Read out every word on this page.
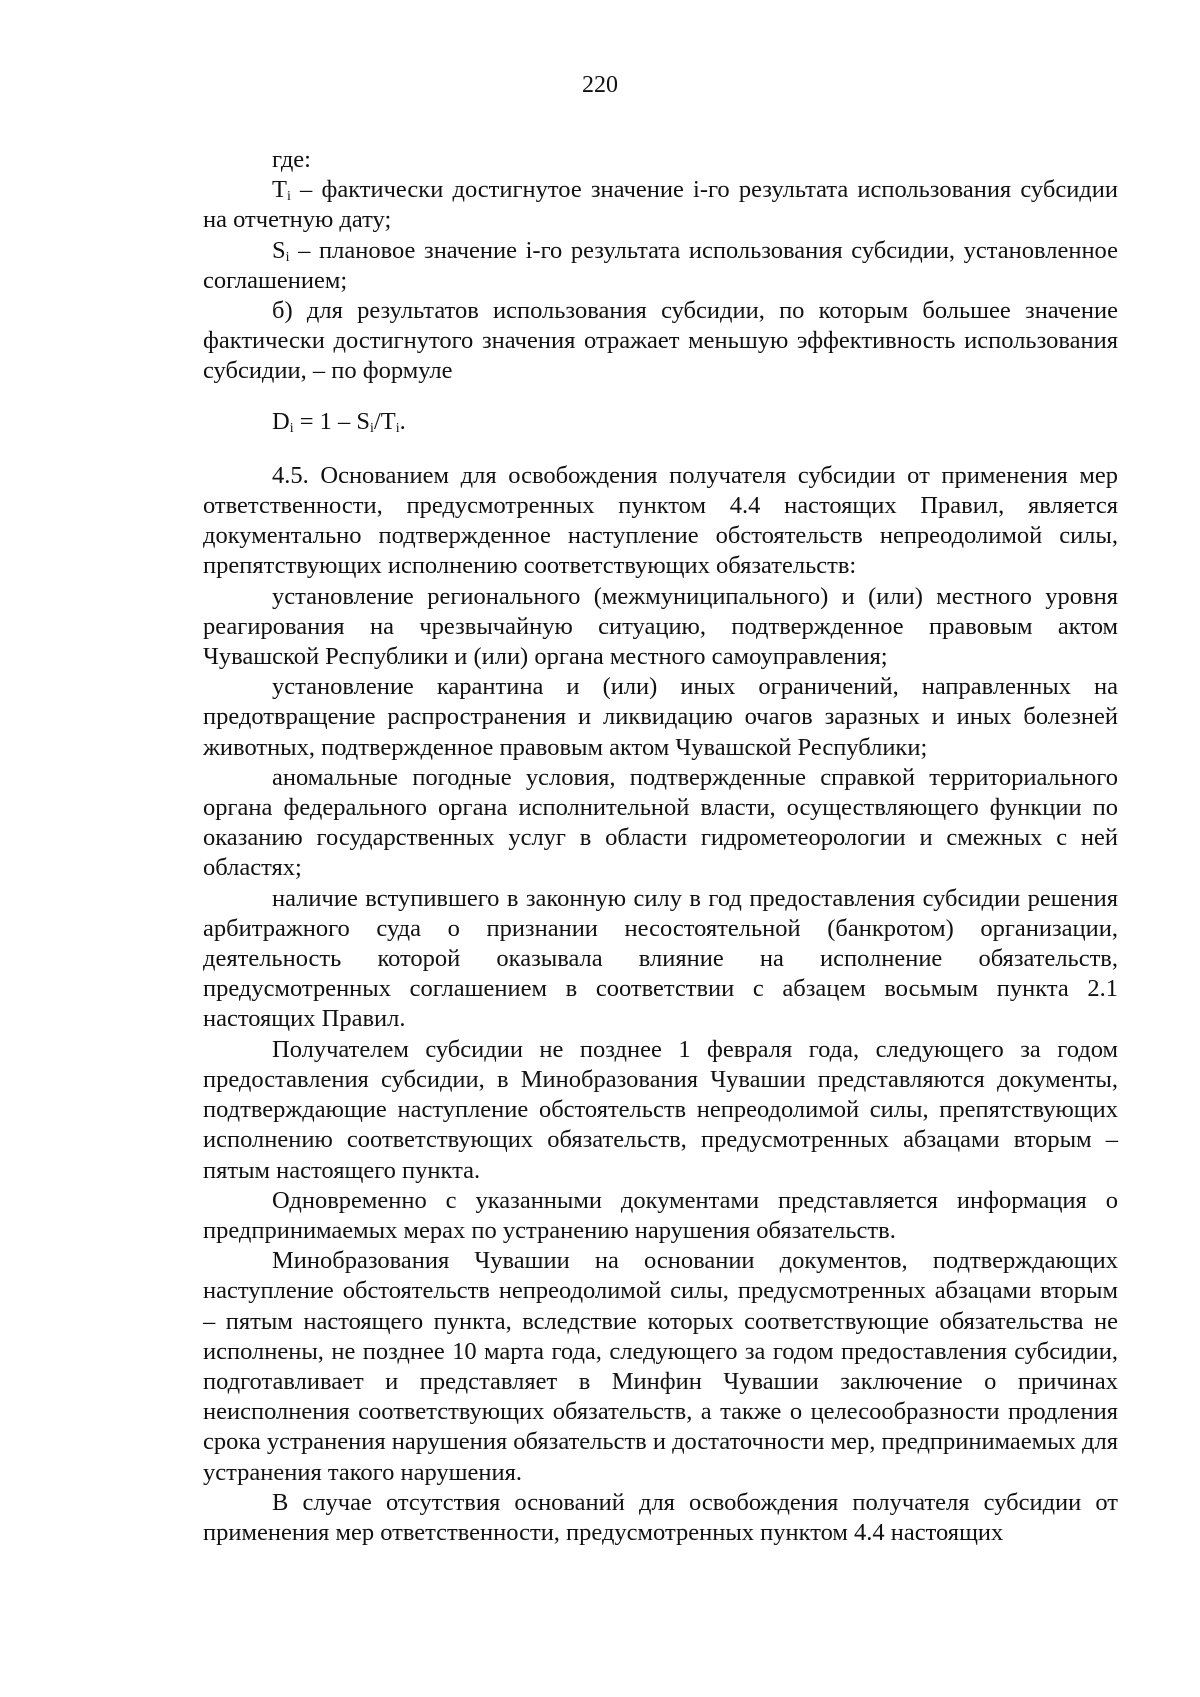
220

где:

$T_i$ – фактически достигнутое значение i-го результата использования субсидии на отчетную дату;

$S_i$ – плановое значение i-го результата использования субсидии, установленное соглашением;

б) для результатов использования субсидии, по которым большее значение фактически достигнутого значения отражает меньшую эффективность использования субсидии, – по формуле

$D_i = 1 - S_i/T_i$.

4.5. Основанием для освобождения получателя субсидии от применения мер ответственности, предусмотренных пунктом 4.4 настоящих Правил, является документально подтвержденное наступление обстоятельств непреодолимой силы, препятствующих исполнению соответствующих обязательств:

установление регионального (межмуниципального) и (или) местного уровня реагирования на чрезвычайную ситуацию, подтвержденное правовым актом Чувашской Республики и (или) органа местного самоуправления;

установление карантина и (или) иных ограничений, направленных на предотвращение распространения и ликвидацию очагов заразных и иных болезней животных, подтвержденное правовым актом Чувашской Республики;

аномальные погодные условия, подтвержденные справкой территориального органа федерального органа исполнительной власти, осуществляющего функции по оказанию государственных услуг в области гидрометеорологии и смежных с ней областях;

наличие вступившего в законную силу в год предоставления субсидии решения арбитражного суда о признании несостоятельной (банкротом) организации, деятельность которой оказывала влияние на исполнение обязательств, предусмотренных соглашением в соответствии с абзацем восьмым пункта 2.1 настоящих Правил.

Получателем субсидии не позднее 1 февраля года, следующего за годом предоставления субсидии, в Минобразования Чувашии представляются документы, подтверждающие наступление обстоятельств непреодолимой силы, препятствующих исполнению соответствующих обязательств, предусмотренных абзацами вторым – пятым настоящего пункта.

Одновременно с указанными документами представляется информация о предпринимаемых мерах по устранению нарушения обязательств.

Минобразования Чувашии на основании документов, подтверждающих наступление обстоятельств непреодолимой силы, предусмотренных абзацами вторым – пятым настоящего пункта, вследствие которых соответствующие обязательства не исполнены, не позднее 10 марта года, следующего за годом предоставления субсидии, подготавливает и представляет в Минфин Чувашии заключение о причинах неисполнения соответствующих обязательств, а также о целесообразности продления срока устранения нарушения обязательств и достаточности мер, предпринимаемых для устранения такого нарушения.

В случае отсутствия оснований для освобождения получателя субсидии от применения мер ответственности, предусмотренных пунктом 4.4 настоящих
